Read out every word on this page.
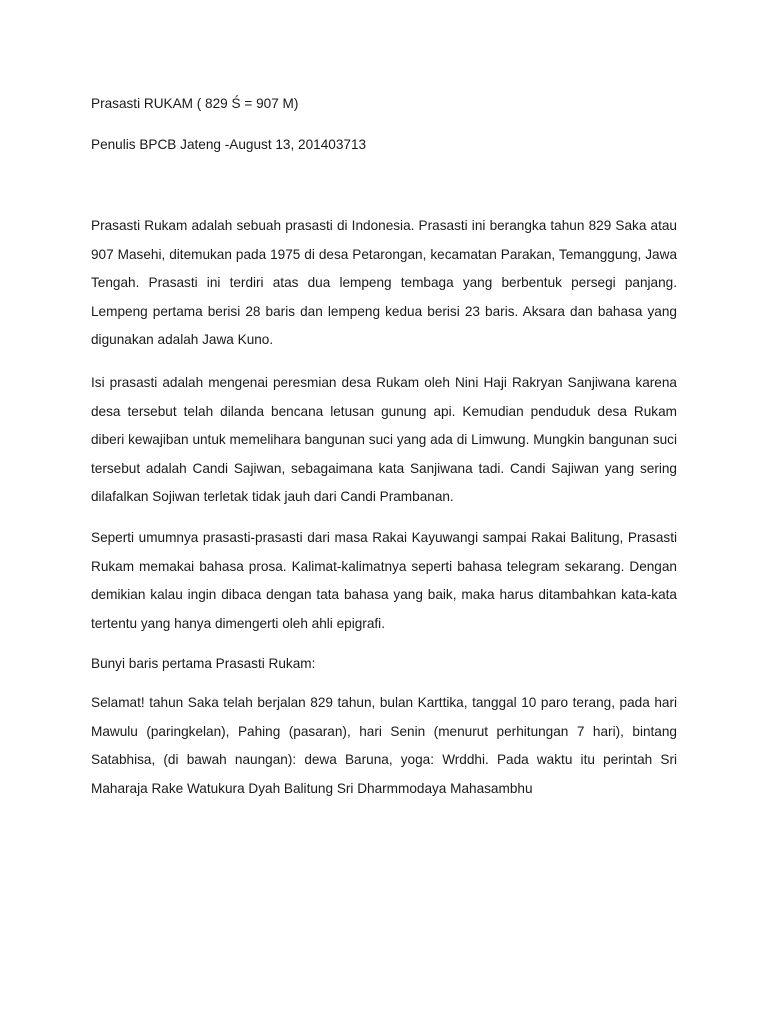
Prasasti RUKAM ( 829 Ś = 907 M)

Penulis BPCB Jateng -August 13, 201403713

Prasasti Rukam adalah sebuah prasasti di Indonesia. Prasasti ini berangka tahun 829 Saka atau 907 Masehi, ditemukan pada 1975 di desa Petarongan, kecamatan Parakan, Temanggung, Jawa Tengah. Prasasti ini terdiri atas dua lempeng tembaga yang berbentuk persegi panjang. Lempeng pertama berisi 28 baris dan lempeng kedua berisi 23 baris. Aksara dan bahasa yang digunakan adalah Jawa Kuno.

Isi prasasti adalah mengenai peresmian desa Rukam oleh Nini Haji Rakryan Sanjiwana karena desa tersebut telah dilanda bencana letusan gunung api. Kemudian penduduk desa Rukam diberi kewajiban untuk memelihara bangunan suci yang ada di Limwung. Mungkin bangunan suci tersebut adalah Candi Sajiwan, sebagaimana kata Sanjiwana tadi. Candi Sajiwan yang sering dilafalkan Sojiwan terletak tidak jauh dari Candi Prambanan.

Seperti umumnya prasasti-prasasti dari masa Rakai Kayuwangi sampai Rakai Balitung, Prasasti Rukam memakai bahasa prosa. Kalimat-kalimatnya seperti bahasa telegram sekarang. Dengan demikian kalau ingin dibaca dengan tata bahasa yang baik, maka harus ditambahkan kata-kata tertentu yang hanya dimengerti oleh ahli epigrafi.

Bunyi baris pertama Prasasti Rukam:

Selamat! tahun Saka telah berjalan 829 tahun, bulan Karttika, tanggal 10 paro terang, pada hari Mawulu (paringkelan), Pahing (pasaran), hari Senin (menurut perhitungan 7 hari), bintang Satabhisa, (di bawah naungan): dewa Baruna, yoga: Wrddhi. Pada waktu itu perintah Sri Maharaja Rake Watukura Dyah Balitung Sri Dharmmodaya Mahasambhu
